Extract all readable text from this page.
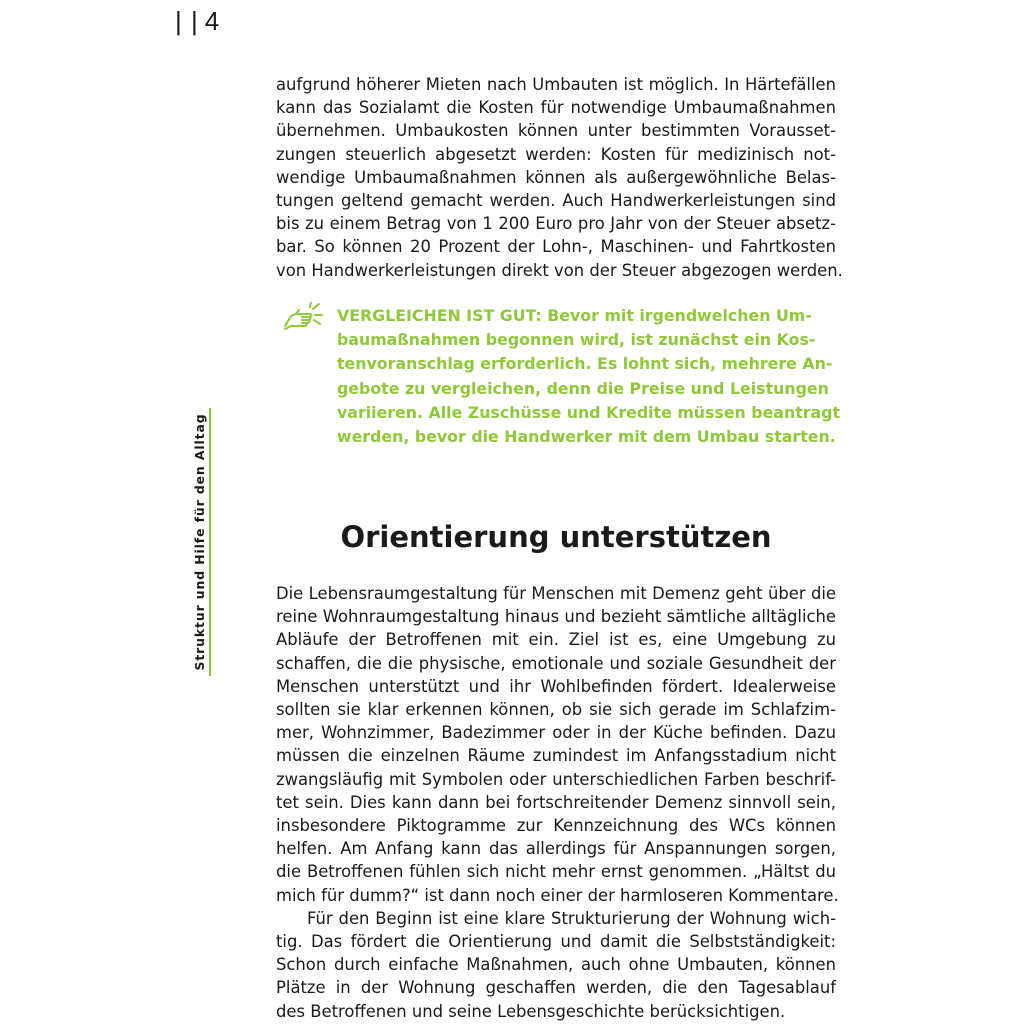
| | 4
Struktur und Hilfe für den Alltag
aufgrund höherer Mieten nach Umbauten ist möglich. In Härtefällen
kann das Sozialamt die Kosten für notwendige Umbaumaßnahmen
übernehmen. Umbaukosten können unter bestimmten Vorausset-
zungen steuerlich abgesetzt werden: Kosten für medizinisch not-
wendige Umbaumaßnahmen können als außergewöhnliche Belas-
tungen geltend gemacht werden. Auch Handwerkerleistungen sind
bis zu einem Betrag von 1 200 Euro pro Jahr von der Steuer absetz-
bar. So können 20 Prozent der Lohn-, Maschinen- und Fahrtkosten
von Handwerkerleistungen direkt von der Steuer abgezogen werden.
VERGLEICHEN IST GUT: Bevor mit irgendwelchen Um-
baumaßnahmen begonnen wird, ist zunächst ein Kos-
tenvoranschlag erforderlich. Es lohnt sich, mehrere An-
gebote zu vergleichen, denn die Preise und Leistungen
variieren. Alle Zuschüsse und Kredite müssen beantragt
werden, bevor die Handwerker mit dem Umbau starten.
Orientierung unterstützen
Die Lebensraumgestaltung für Menschen mit Demenz geht über die
reine Wohnraumgestaltung hinaus und bezieht sämtliche alltägliche
Abläufe der Betroffenen mit ein. Ziel ist es, eine Umgebung zu
schaffen, die die physische, emotionale und soziale Gesundheit der
Menschen unterstützt und ihr Wohlbefinden fördert. Idealerweise
sollten sie klar erkennen können, ob sie sich gerade im Schlafzim-
mer, Wohnzimmer, Badezimmer oder in der Küche befinden. Dazu
müssen die einzelnen Räume zumindest im Anfangsstadium nicht
zwangsläufig mit Symbolen oder unterschiedlichen Farben beschrif-
tet sein. Dies kann dann bei fortschreitender Demenz sinnvoll sein,
insbesondere Piktogramme zur Kennzeichnung des WCs können
helfen. Am Anfang kann das allerdings für Anspannungen sorgen,
die Betroffenen fühlen sich nicht mehr ernst genommen. „Hältst du
mich für dumm?“ ist dann noch einer der harmloseren Kommentare.
Für den Beginn ist eine klare Strukturierung der Wohnung wich-
tig. Das fördert die Orientierung und damit die Selbstständigkeit:
Schon durch einfache Maßnahmen, auch ohne Umbauten, können
Plätze in der Wohnung geschaffen werden, die den Tagesablauf
des Betroffenen und seine Lebensgeschichte berücksichtigen.
